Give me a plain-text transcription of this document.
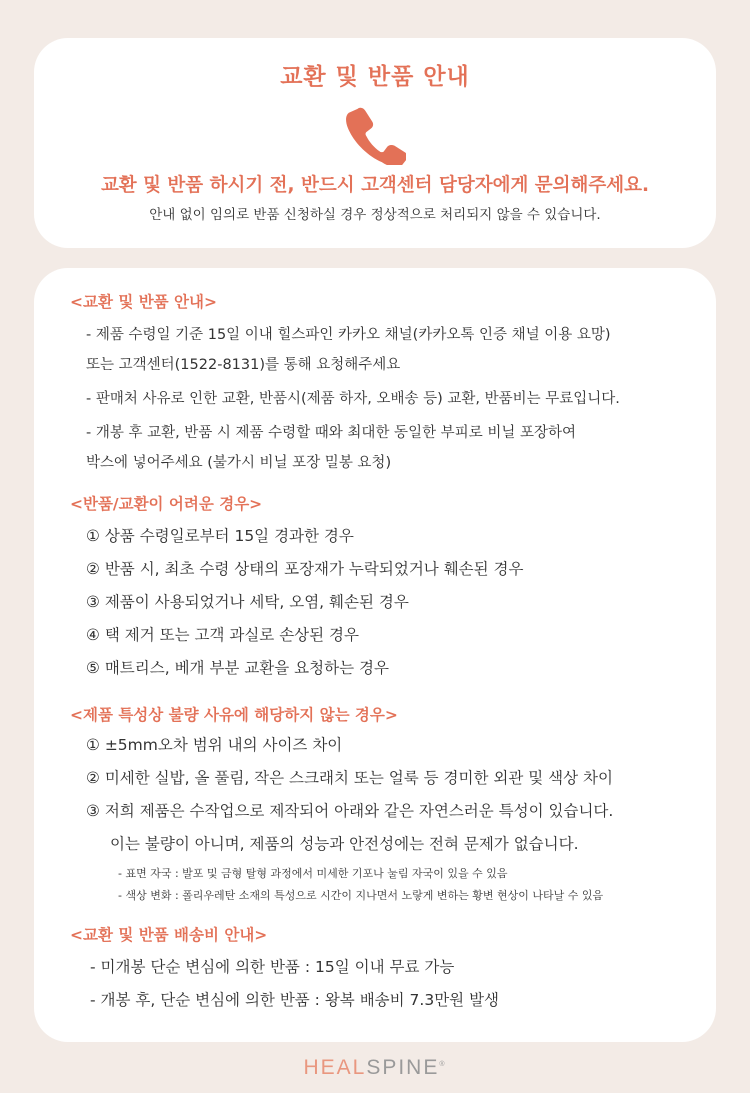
교환 및 반품 안내
교환 및 반품 하시기 전, 반드시 고객센터 담당자에게 문의해주세요.
안내 없이 임의로 반품 신청하실 경우 정상적으로 처리되지 않을 수 있습니다.

<교환 및 반품 안내>

- 제품 수령일 기준 15일 이내 힐스파인 카카오 채널(카카오톡 인증 채널 이용 요망)
또는 고객센터(1522-8131)를 통해 요청해주세요
- 판매처 사유로 인한 교환, 반품시(제품 하자, 오배송 등) 교환, 반품비는 무료입니다.
- 개봉 후 교환, 반품 시 제품 수령할 때와 최대한 동일한 부피로 비닐 포장하여
박스에 넣어주세요 (불가시 비닐 포장 밀봉 요청)

<반품/교환이 어려운 경우>

① 상품 수령일로부터 15일 경과한 경우
② 반품 시, 최초 수령 상태의 포장재가 누락되었거나 훼손된 경우
③ 제품이 사용되었거나 세탁, 오염, 훼손된 경우
④ 택 제거 또는 고객 과실로 손상된 경우
⑤ 매트리스, 베개 부분 교환을 요청하는 경우

<제품 특성상 불량 사유에 해당하지 않는 경우>

① ±5mm오차 범위 내의 사이즈 차이
② 미세한 실밥, 올 풀림, 작은 스크래치 또는 얼룩 등 경미한 외관 및 색상 차이
③ 저희 제품은 수작업으로 제작되어 아래와 같은 자연스러운 특성이 있습니다.
이는 불량이 아니며, 제품의 성능과 안전성에는 전혀 문제가 없습니다.
- 표면 자국 : 발포 및 금형 탈형 과정에서 미세한 기포나 눌림 자국이 있을 수 있음
- 색상 변화 : 폴리우레탄 소재의 특성으로 시간이 지나면서 노랗게 변하는 황변 현상이 나타날 수 있음

<교환 및 반품 배송비 안내>

- 미개봉 단순 변심에 의한 반품 : 15일 이내 무료 가능
- 개봉 후, 단순 변심에 의한 반품 : 왕복 배송비 7.3만원 발생
HEALSPINE®
